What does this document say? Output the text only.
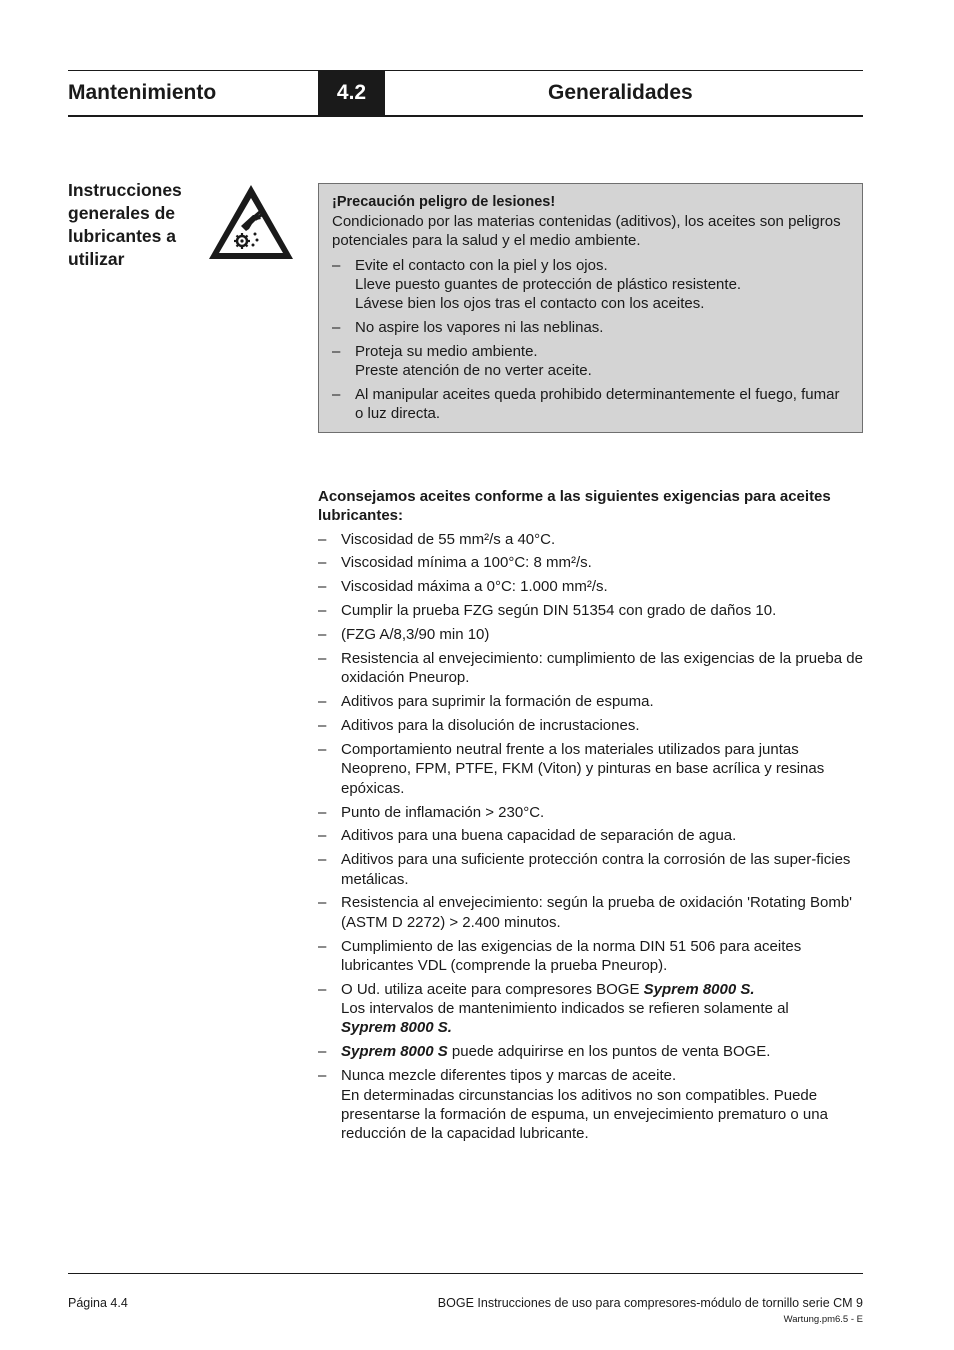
Mantenimiento	4.2	Generalidades
Instrucciones generales de lubricantes a utilizar
¡Precaución peligro de lesiones!
Condicionado por las materias contenidas (aditivos), los aceites son peligros potenciales para la salud y el medio ambiente.
– Evite el contacto con la piel y los ojos.
Lleve puesto guantes de protección de plástico resistente.
Lávese bien los ojos tras el contacto con los aceites.
– No aspire los vapores ni las neblinas.
– Proteja su medio ambiente.
Preste atención de no verter aceite.
– Al manipular aceites queda prohibido determinantemente el fuego, fumar o luz directa.
Aconsejamos aceites conforme a las siguientes exigencias para aceites lubricantes:
– Viscosidad de 55 mm²/s a 40°C.
– Viscosidad mínima a 100°C: 8 mm²/s.
– Viscosidad máxima a 0°C: 1.000 mm²/s.
– Cumplir la prueba FZG según DIN 51354 con grado de daños 10.
– (FZG A/8,3/90 min 10)
– Resistencia al envejecimiento: cumplimiento de las exigencias de la prueba de oxidación Pneurop.
– Aditivos para suprimir la formación de espuma.
– Aditivos para la disolución de incrustaciones.
– Comportamiento neutral frente a los materiales utilizados para juntas Neopreno, FPM, PTFE, FKM (Viton) y pinturas en base acrílica y resinas epóxicas.
– Punto de inflamación > 230°C.
– Aditivos para una buena capacidad de separación de agua.
– Aditivos para una suficiente protección contra la corrosión de las super-ficies metálicas.
– Resistencia al envejecimiento: según la prueba de oxidación 'Rotating Bomb' (ASTM D 2272) > 2.400 minutos.
– Cumplimiento de las exigencias de la norma DIN 51 506 para aceites lubricantes VDL (comprende la prueba Pneurop).
– O Ud. utiliza aceite para compresores BOGE Syprem 8000 S.
Los intervalos de mantenimiento indicados se refieren solamente al
Syprem 8000 S.
– Syprem 8000 S puede adquirirse en los puntos de venta BOGE.
– Nunca mezcle diferentes tipos y marcas de aceite.
En determinadas circunstancias los aditivos no son compatibles. Puede presentarse la formación de espuma, un envejecimiento prematuro o una reducción de la capacidad lubricante.
Página 4.4	BOGE Instrucciones de uso para compresores-módulo de tornillo serie CM 9
Wartung.pm6.5 - E
